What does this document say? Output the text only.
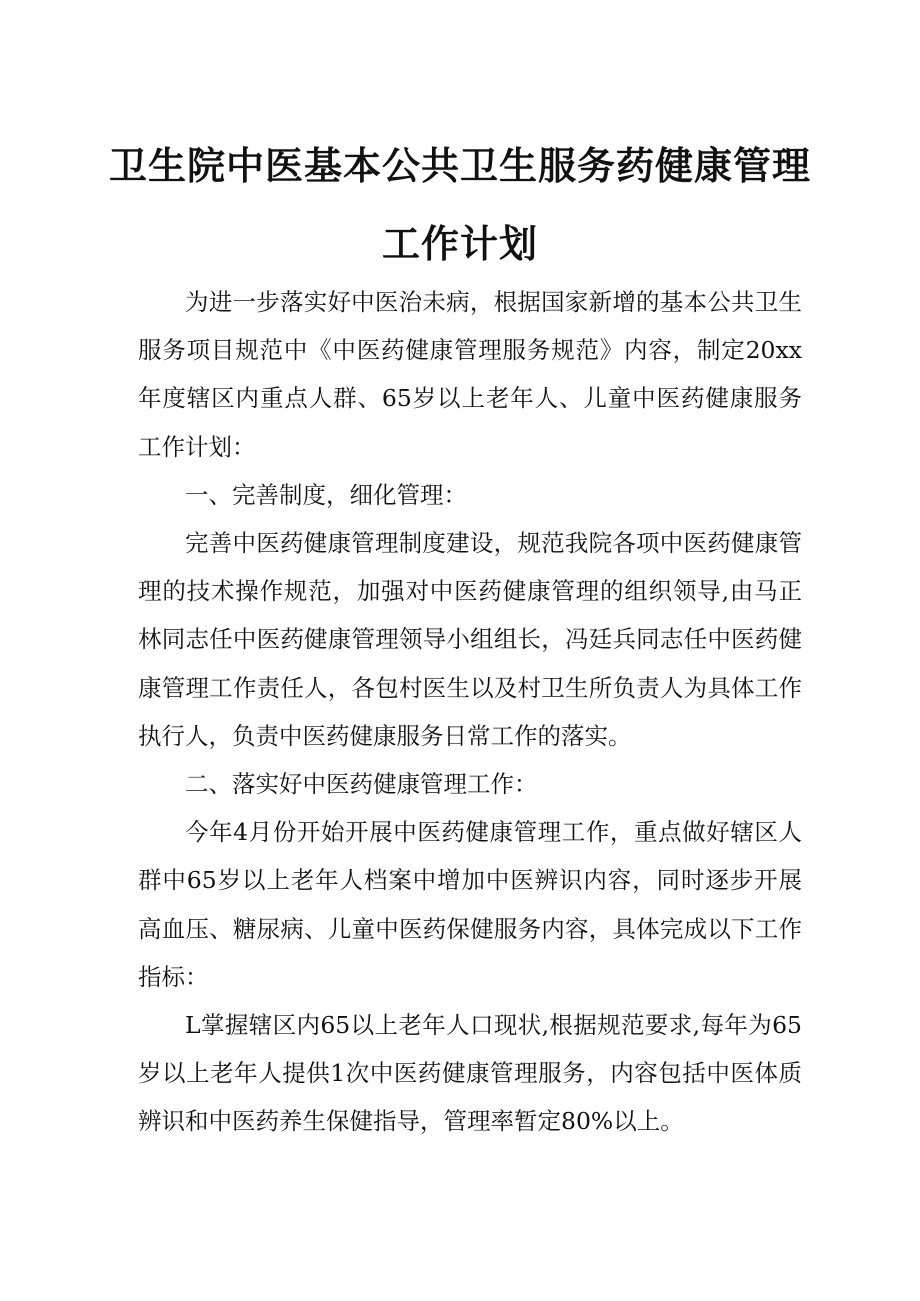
卫生院中医基本公共卫生服务药健康管理
工作计划

为进一步落实好中医治未病，根据国家新增的基本公共卫生服务项目规范中《中医药健康管理服务规范》内容，制定20xx年度辖区内重点人群、65岁以上老年人、儿童中医药健康服务工作计划：

一、完善制度，细化管理：

完善中医药健康管理制度建设，规范我院各项中医药健康管理的技术操作规范，加强对中医药健康管理的组织领导,由马正林同志任中医药健康管理领导小组组长，冯廷兵同志任中医药健康管理工作责任人，各包村医生以及村卫生所负责人为具体工作执行人，负责中医药健康服务日常工作的落实。

二、落实好中医药健康管理工作：

今年4月份开始开展中医药健康管理工作，重点做好辖区人群中65岁以上老年人档案中增加中医辨识内容，同时逐步开展高血压、糖尿病、儿童中医药保健服务内容，具体完成以下工作指标：

L掌握辖区内65以上老年人口现状,根据规范要求,每年为65岁以上老年人提供1次中医药健康管理服务，内容包括中医体质辨识和中医药养生保健指导，管理率暂定80%以上。
